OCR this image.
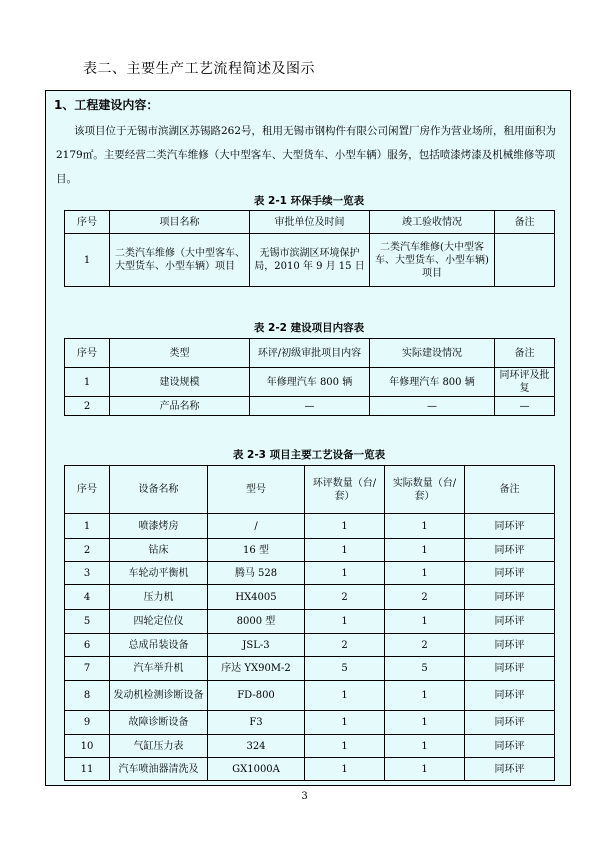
表二、主要生产工艺流程简述及图示
1、工程建设内容：

该项目位于无锡市滨湖区苏锡路262号，租用无锡市钢构件有限公司闲置厂房作为营业场所，租用面积为2179㎡。主要经营二类汽车维修（大中型客车、大型货车、小型车辆）服务，包括喷漆烤漆及机械维修等项目。

表 2-1 环保手续一览表
序号	项目名称	审批单位及时间	竣工验收情况	备注
1	二类汽车维修（大中型客车、大型货车、小型车辆）项目	无锡市滨湖区环境保护局，2010 年 9 月 15 日	二类汽车维修(大中型客车、大型货车、小型车辆)项目	
表 2-2 建设项目内容表
序号	类型	环评/初级审批项目内容	实际建设情况	备注
1	建设规模	年修理汽车 800 辆	年修理汽车 800 辆	同环评及批复
2	产品名称	—	—	—
表 2-3 项目主要工艺设备一览表
序号	设备名称	型号	环评数量（台/套）	实际数量（台/套）	备注
1	喷漆烤房	/	1	1	同环评
2	钻床	16 型	1	1	同环评
3	车轮动平衡机	腾马 528	1	1	同环评
4	压力机	HX4005	2	2	同环评
5	四轮定位仪	8000 型	1	1	同环评
6	总成吊装设备	JSL-3	2	2	同环评
7	汽车举升机	序达 YX90M-2	5	5	同环评
8	发动机检测诊断设备	FD-800	1	1	同环评
9	故障诊断设备	F3	1	1	同环评
10	气缸压力表	324	1	1	同环评
11	汽车喷油器清洗及	GX1000A	1	1	同环评
3
